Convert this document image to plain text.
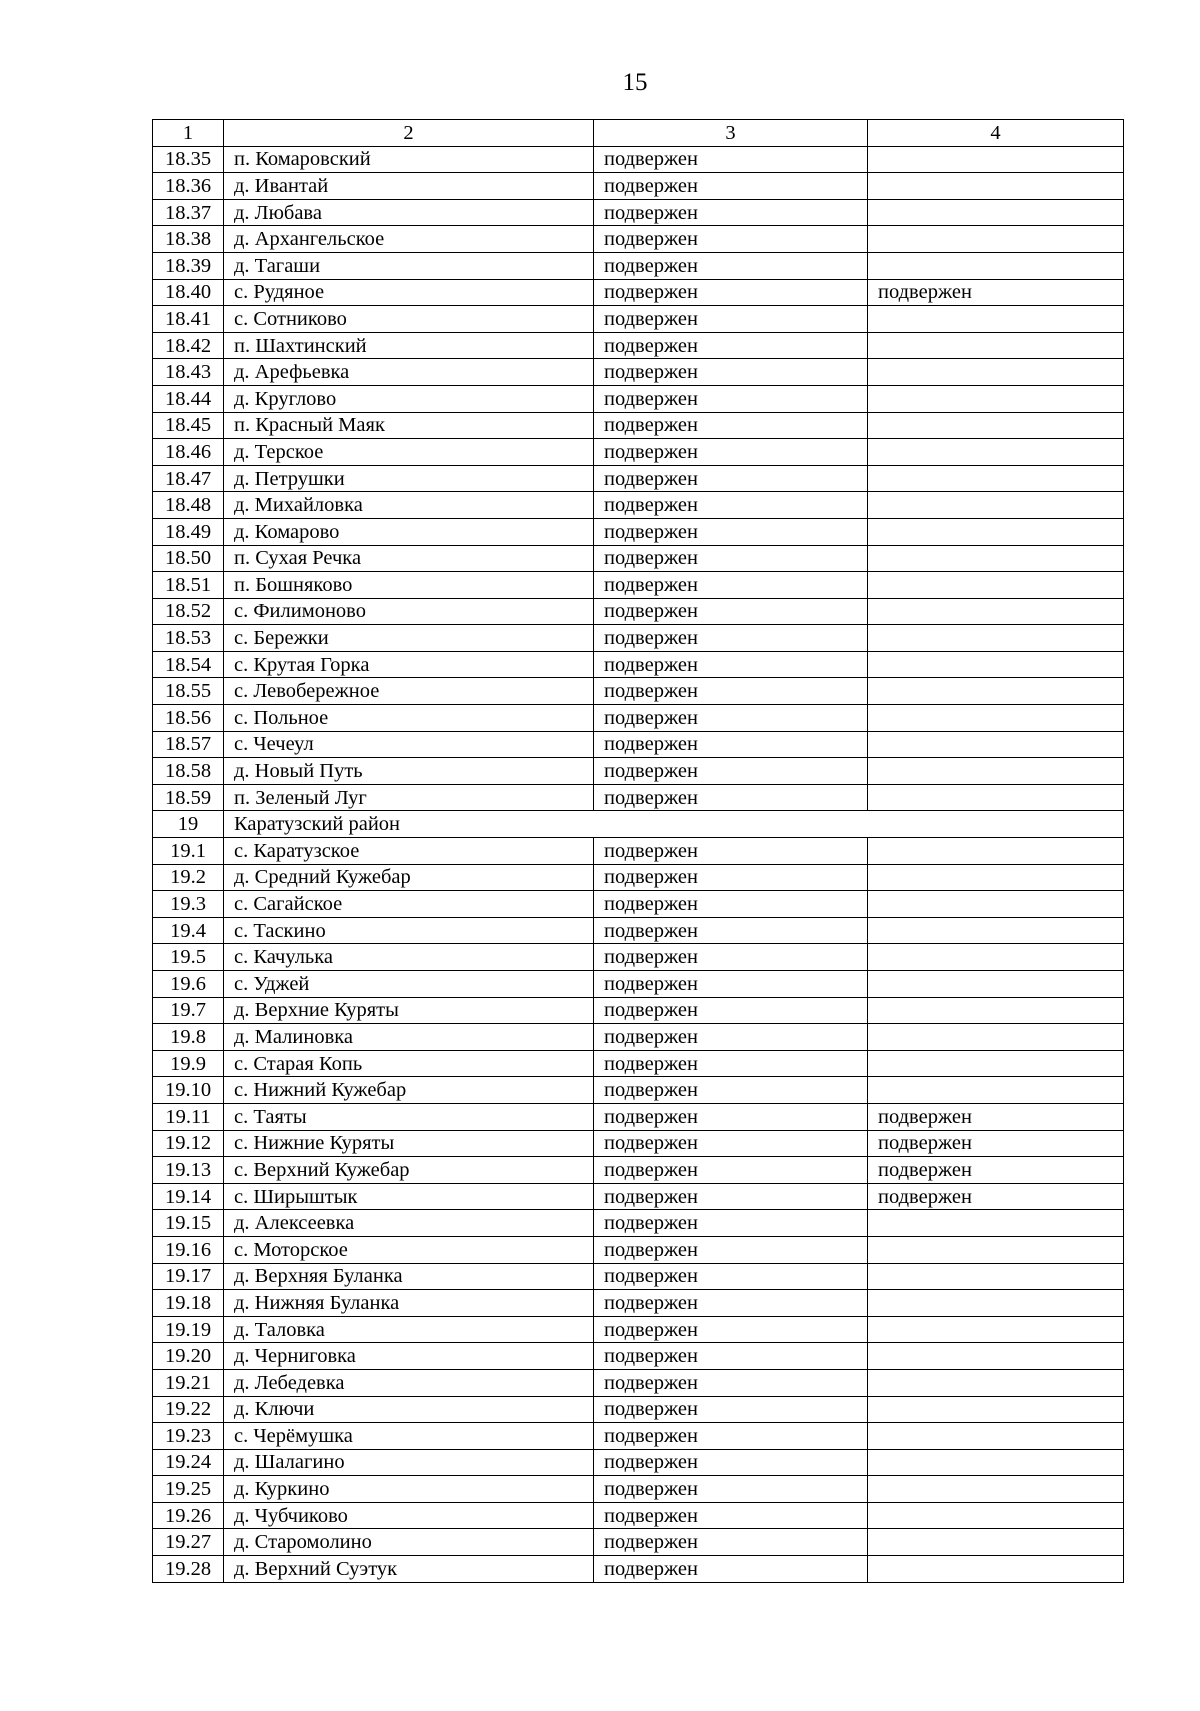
15
1	2	3	4
18.35	п. Комаровский	подвержен	
18.36	д. Ивантай	подвержен	
18.37	д. Любава	подвержен	
18.38	д. Архангельское	подвержен	
18.39	д. Тагаши	подвержен	
18.40	с. Рудяное	подвержен	подвержен
18.41	с. Сотниково	подвержен	
18.42	п. Шахтинский	подвержен	
18.43	д. Арефьевка	подвержен	
18.44	д. Круглово	подвержен	
18.45	п. Красный Маяк	подвержен	
18.46	д. Терское	подвержен	
18.47	д. Петрушки	подвержен	
18.48	д. Михайловка	подвержен	
18.49	д. Комарово	подвержен	
18.50	п. Сухая Речка	подвержен	
18.51	п. Бошняково	подвержен	
18.52	с. Филимоново	подвержен	
18.53	с. Бережки	подвержен	
18.54	с. Крутая Горка	подвержен	
18.55	с. Левобережное	подвержен	
18.56	с. Польное	подвержен	
18.57	с. Чечеул	подвержен	
18.58	д. Новый Путь	подвержен	
18.59	п. Зеленый Луг	подвержен	
19	Каратузский район		
19.1	с. Каратузское	подвержен	
19.2	д. Средний Кужебар	подвержен	
19.3	с. Сагайское	подвержен	
19.4	с. Таскино	подвержен	
19.5	с. Качулька	подвержен	
19.6	с. Уджей	подвержен	
19.7	д. Верхние Куряты	подвержен	
19.8	д. Малиновка	подвержен	
19.9	с. Старая Копь	подвержен	
19.10	с. Нижний Кужебар	подвержен	
19.11	с. Таяты	подвержен	подвержен
19.12	с. Нижние Куряты	подвержен	подвержен
19.13	с. Верхний Кужебар	подвержен	подвержен
19.14	с. Ширыштык	подвержен	подвержен
19.15	д. Алексеевка	подвержен	
19.16	с. Моторское	подвержен	
19.17	д. Верхняя Буланка	подвержен	
19.18	д. Нижняя Буланка	подвержен	
19.19	д. Таловка	подвержен	
19.20	д. Черниговка	подвержен	
19.21	д. Лебедевка	подвержен	
19.22	д. Ключи	подвержен	
19.23	с. Черёмушка	подвержен	
19.24	д. Шалагино	подвержен	
19.25	д. Куркино	подвержен	
19.26	д. Чубчиково	подвержен	
19.27	д. Старомолино	подвержен	
19.28	д. Верхний Суэтук	подвержен	
